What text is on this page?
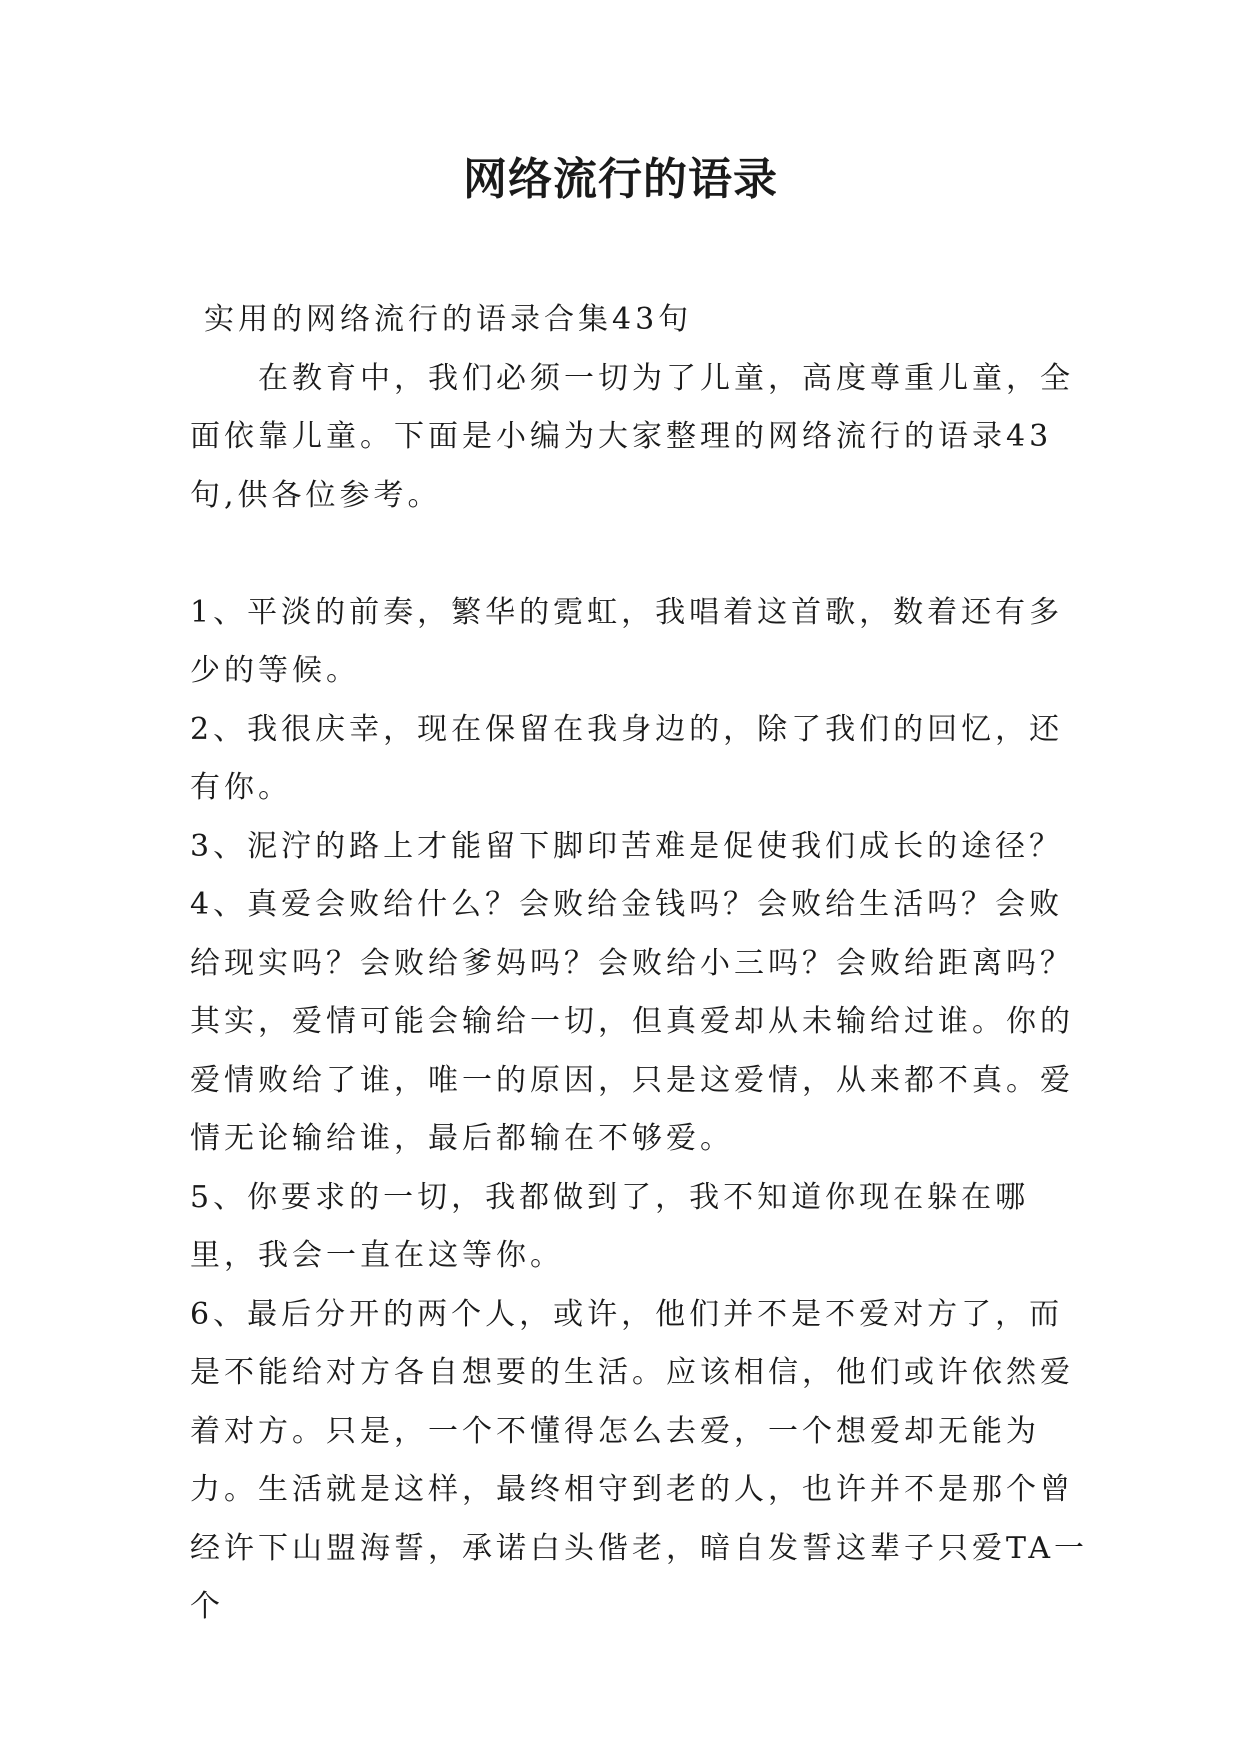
网络流行的语录

实用的网络流行的语录合集43句

在教育中，我们必须一切为了儿童，高度尊重儿童，全面依靠儿童。下面是小编为大家整理的网络流行的语录43句,供各位参考。

1、平淡的前奏，繁华的霓虹，我唱着这首歌，数着还有多少的等候。

2、我很庆幸，现在保留在我身边的，除了我们的回忆，还有你。

3、泥泞的路上才能留下脚印苦难是促使我们成长的途径？

4、真爱会败给什么？会败给金钱吗？会败给生活吗？会败给现实吗？会败给爹妈吗？会败给小三吗？会败给距离吗？其实，爱情可能会输给一切，但真爱却从未输给过谁。你的爱情败给了谁，唯一的原因，只是这爱情，从来都不真。爱情无论输给谁，最后都输在不够爱。

5、你要求的一切，我都做到了，我不知道你现在躲在哪里，我会一直在这等你。

6、最后分开的两个人，或许，他们并不是不爱对方了，而是不能给对方各自想要的生活。应该相信，他们或许依然爱着对方。只是，一个不懂得怎么去爱，一个想爱却无能为力。生活就是这样，最终相守到老的人，也许并不是那个曾经许下山盟海誓，承诺白头偕老，暗自发誓这辈子只爱TA一个
